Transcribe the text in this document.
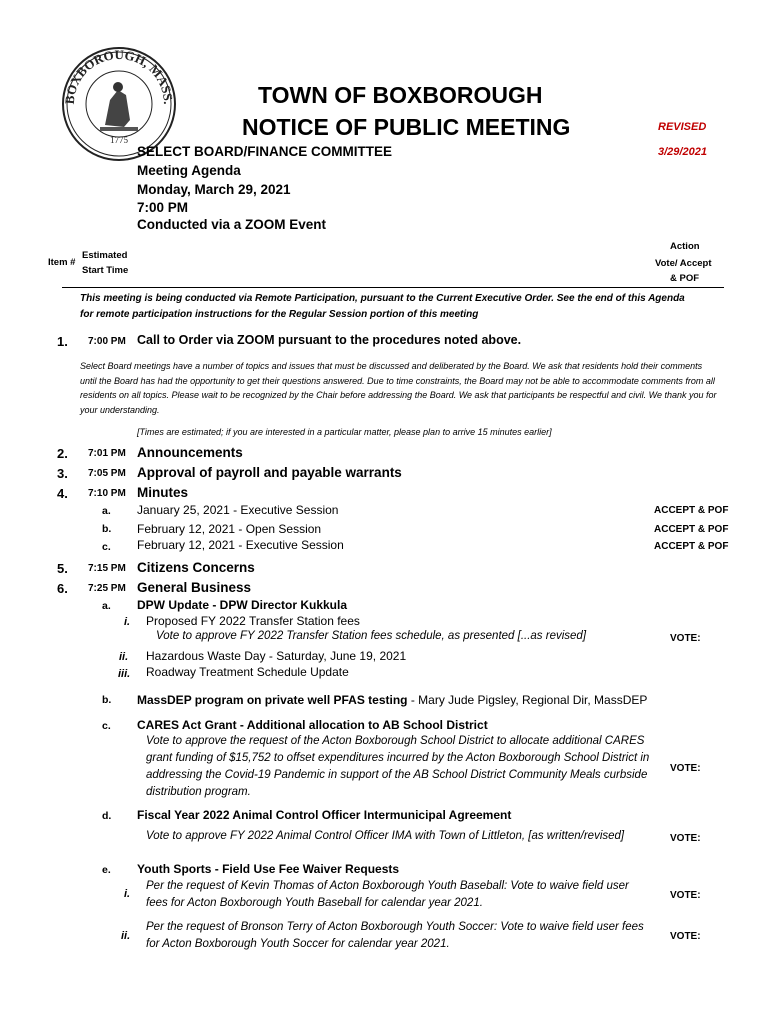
BOXBOROUGH, MASS.
1775
TOWN OF BOXBOROUGH
NOTICE OF PUBLIC MEETING	REVISED
3/29/2021
SELECT BOARD/FINANCE COMMITTEE
Meeting Agenda
Monday, March 29, 2021
7:00 PM
Conducted via a ZOOM Event
Item #
Estimated
Start Time
Action
Vote/ Accept
& POF
This meeting is being conducted via Remote Participation, pursuant to the Current Executive Order. See the end of this Agenda for remote participation instructions for the Regular Session portion of this meeting
1. 7:00 PM Call to Order via ZOOM pursuant to the procedures noted above.
Select Board meetings have a number of topics and issues that must be discussed and deliberated by the Board. We ask that residents hold their comments until the Board has had the opportunity to get their questions answered. Due to time constraints, the Board may not be able to accommodate comments from all residents on all topics. Please wait to be recognized by the Chair before addressing the Board. We ask that participants be respectful and civil. We thank you for your understanding.
[Times are estimated; if you are interested in a particular matter, please plan to arrive 15 minutes earlier]
2. 7:01 PM Announcements
3. 7:05 PM Approval of payroll and payable warrants
4. 7:10 PM Minutes
a. January 25, 2021 - Executive Session	ACCEPT & POF
b. February 12, 2021 - Open Session	ACCEPT & POF
c. February 12, 2021 - Executive Session	ACCEPT & POF
5. 7:15 PM Citizens Concerns
6. 7:25 PM General Business
a. DPW Update - DPW Director Kukkula
i. Proposed FY 2022 Transfer Station fees
Vote to approve FY 2022 Transfer Station fees schedule, as presented [...as revised]	VOTE:
ii. Hazardous Waste Day - Saturday, June 19, 2021
iii. Roadway Treatment Schedule Update
b. MassDEP program on private well PFAS testing - Mary Jude Pigsley, Regional Dir, MassDEP
c. CARES Act Grant - Additional allocation to AB School District
Vote to approve the request of the Acton Boxborough School District to allocate additional CARES grant funding of $15,752 to offset expenditures incurred by the Acton Boxborough School District in addressing the Covid-19 Pandemic in support of the AB School District Community Meals curbside distribution program.
VOTE:
d. Fiscal Year 2022 Animal Control Officer Intermunicipal Agreement
Vote to approve FY 2022 Animal Control Officer IMA with Town of Littleton, [as written/revised]	VOTE:
e. Youth Sports - Field Use Fee Waiver Requests
i.
Per the request of Kevin Thomas of Acton Boxborough Youth Baseball: Vote to waive field user fees for Acton Boxborough Youth Baseball for calendar year 2021.
VOTE:
ii.
Per the request of Bronson Terry of Acton Boxborough Youth Soccer: Vote to waive field user fees for Acton Boxborough Youth Soccer for calendar year 2021.
VOTE:
